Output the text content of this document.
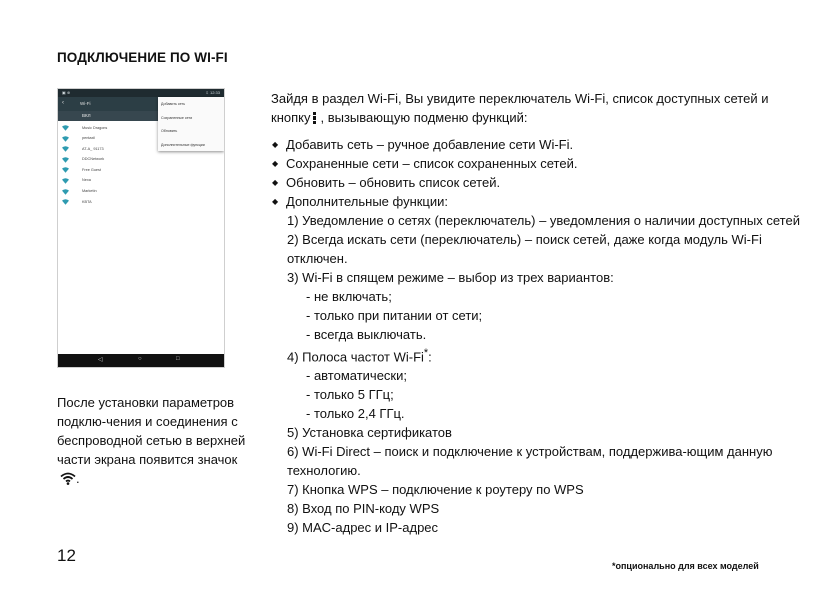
ПОДКЛЮЧЕНИЕ ПО WI-FI
▣ ⊕	⇩ 12:33
‹	Wi-Fi
ВКЛ
Music Dragons
pentaxil
AT-A_ 91173
DDCNetwork
Free Guest
Nexa
Marketin
KBTA
Добавить сеть
Сохраненные сети
Обновить
Дополнительные функции
◁	○	□
Зайдя в раздел Wi-Fi, Вы увидите переключатель Wi-Fi, список доступных сетей и кнопку , вызывающую подменю функций:
◆ Добавить сеть – ручное добавление сети Wi-Fi.
◆ Сохраненные сети – список сохраненных сетей.
◆ Обновить – обновить список сетей.
◆ Дополнительные функции:
1) Уведомление о сетях (переключатель) – уведомления о наличии доступных сетей
2) Всегда искать сети (переключатель) – поиск сетей, даже когда модуль Wi-Fi отключен.
3) Wi-Fi в спящем режиме – выбор из трех вариантов:
- не включать;
- только при питании от сети;
- всегда выключать.
4) Полоса частот Wi-Fi*:
- автоматически;
- только 5 ГГц;
- только 2,4 ГГц.
5) Установка сертификатов
6) Wi-Fi Direct – поиск и подключение к устройствам, поддержива-ющим данную технологию.
7) Кнопка WPS – подключение к роутеру по WPS
8) Вход по PIN-коду WPS
9) MAC-адрес и IP-адрес
После установки параметров подклю-чения и соединения с беспроводной сетью в верхней части экрана появится значок.
12
*опционально для всех моделей
